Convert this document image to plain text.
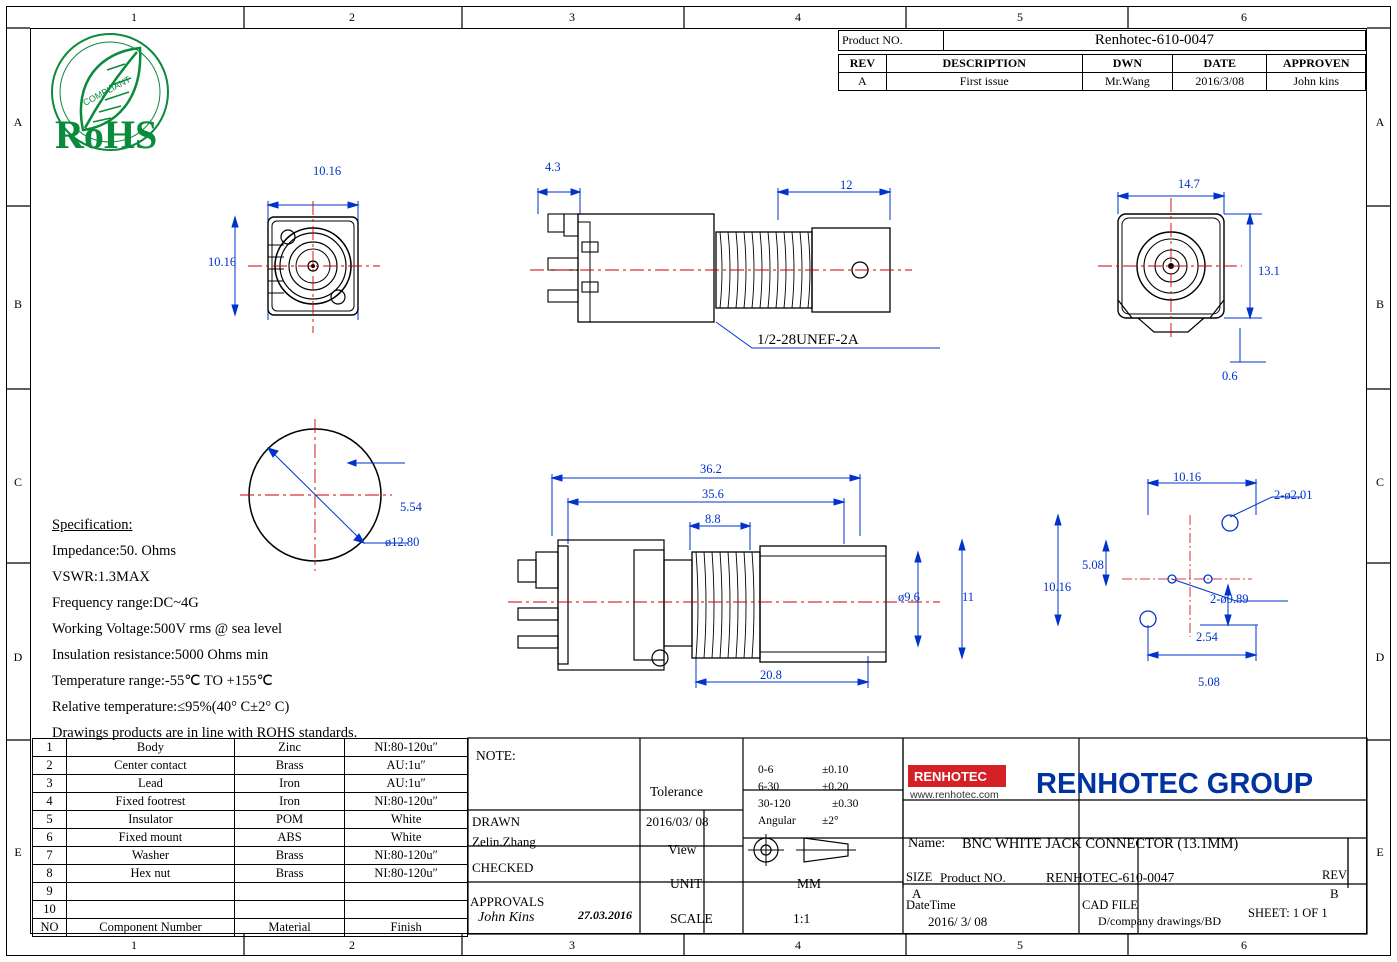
1	2	3	4	5	6
1	2	3	4	5	6
A
B
C
D
E
A
B
C
D
E
RoHS
COMPLIANT
Product NO.	Renhotec-610-0047
REV	DESCRIPTION	DWN	DATE	APPROVEN
A	First issue	Mr.Wang	2016/3/08	John kins
10.16
10.16
4.3
12
1/2-28UNEF-2A
14.7
13.1
0.6
5.54
ø12.80
36.2
35.6
8.8
20.8
ø9.6	11
10.16
10.16
5.08
2.54
5.08
2-ø2.01
2-ø0.89
Specification:
Impedance:50. Ohms
VSWR:1.3MAX
Frequency range:DC~4G
Working Voltage:500V rms @ sea level
Insulation resistance:5000 Ohms min
Temperature range:-55℃ TO +155℃
Relative temperature:≤95%(40° C±2° C)
Drawings products are in line with ROHS standards.
1	Body	Zinc	NI:80-120u″
2	Center contact	Brass	AU:1u″
3	Lead	Iron	AU:1u″
4	Fixed footrest	Iron	NI:80-120u″
5	Insulator	POM	White
6	Fixed mount	ABS	White
7	Washer	Brass	NI:80-120u″
8	Hex nut	Brass	NI:80-120u″
9			
10			
NO	Component Number	Material	Finish
NOTE:
DRAWN
Zelin.Zhang
2016/03/ 08
CHECKED
APPROVALS
John Kins	27.03.2016
Tolerance
0-6	±0.10
6-30	±0.20
30-120	±0.30
Angular ±2°
View
UNIT	MM
SCALE	1:1
RENHOTEC
www.renhotec.com RENHOTEC GROUP
Name: BNC WHITE JACK CONNECTOR (13.1MM)
SIZE
A
Product NO.	RENHOTEC-610-0047	REV
B
DateTime
2016/ 3/ 08
CAD FILE
D/company drawings/BD
SHEET: 1 OF 1
